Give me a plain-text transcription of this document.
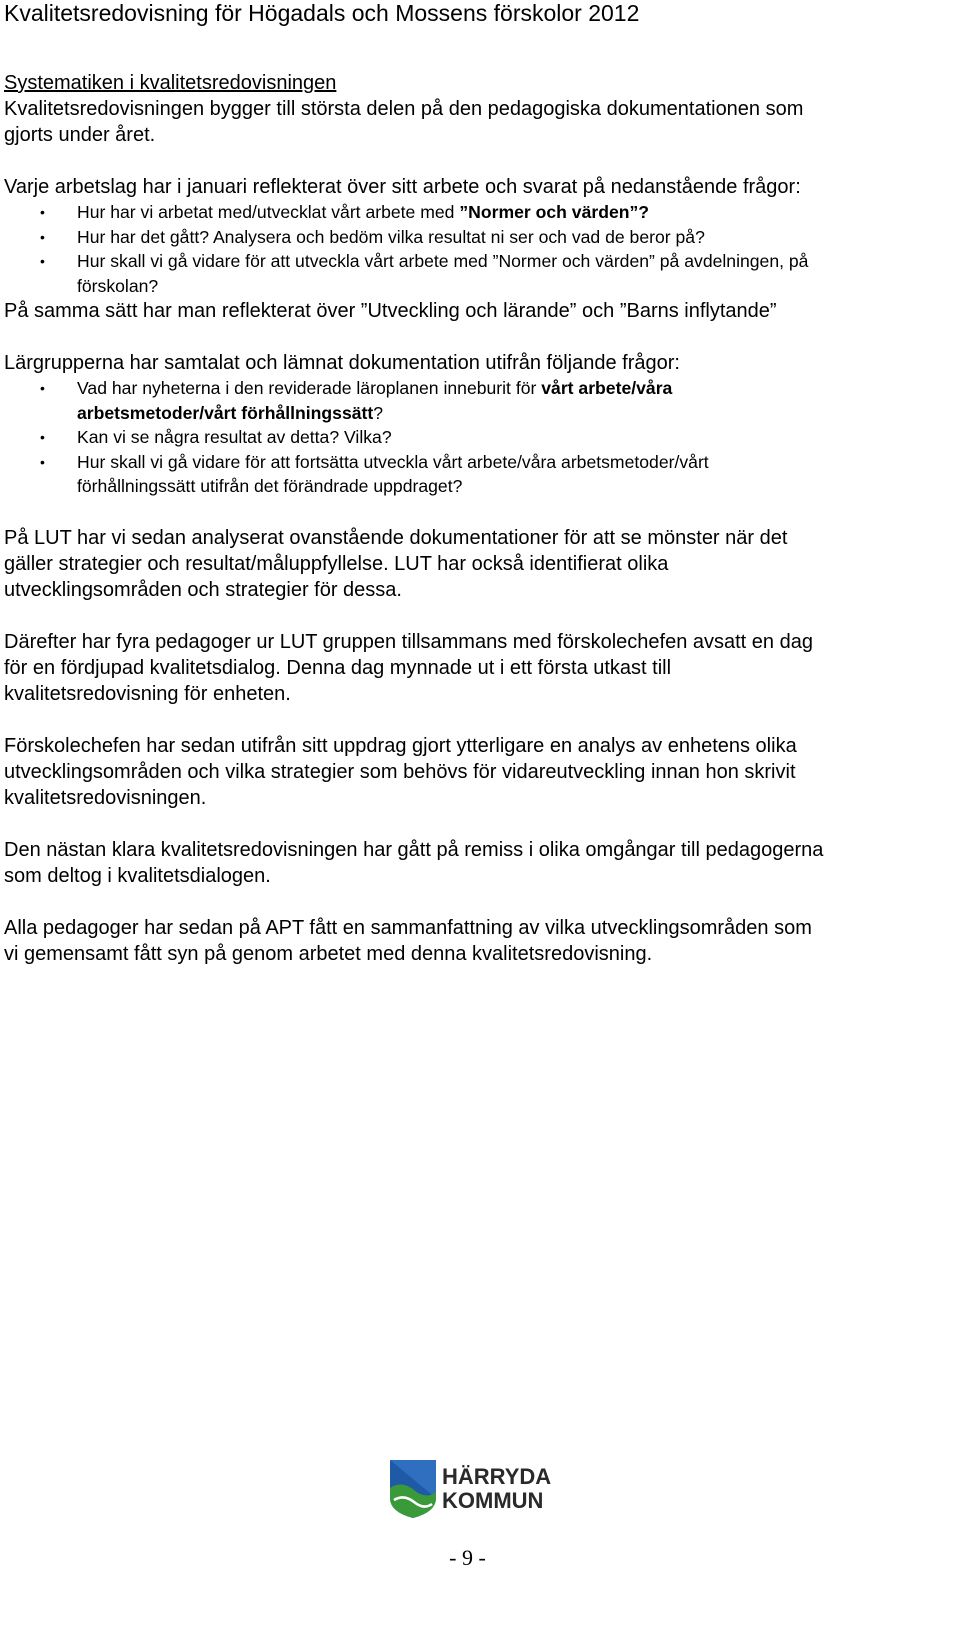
Kvalitetsredovisning för Högadals och Mossens förskolor 2012

Systematiken i kvalitetsredovisningen

Kvalitetsredovisningen bygger till största delen på den pedagogiska dokumentationen som

gjorts under året.

Varje arbetslag har i januari reflekterat över sitt arbete och svarat på nedanstående frågor:

• Hur har vi arbetat med/utvecklat vårt arbete med ”Normer och värden”?
• Hur har det gått? Analysera och bedöm vilka resultat ni ser och vad de beror på?
• Hur skall vi gå vidare för att utveckla vårt arbete med ”Normer och värden” på avdelningen, på
förskolan?

På samma sätt har man reflekterat över ”Utveckling och lärande” och ”Barns inflytande”

Lärgrupperna har samtalat och lämnat dokumentation utifrån följande frågor:

• Vad har nyheterna i den reviderade läroplanen inneburit för vårt arbete/våra
arbetsmetoder/vårt förhållningssätt?
• Kan vi se några resultat av detta? Vilka?
• Hur skall vi gå vidare för att fortsätta utveckla vårt arbete/våra arbetsmetoder/vårt
förhållningssätt utifrån det förändrade uppdraget?

På LUT har vi sedan analyserat ovanstående dokumentationer för att se mönster när det
gäller strategier och resultat/måluppfyllelse. LUT har också identifierat olika
utvecklingsområden och strategier för dessa.

Därefter har fyra pedagoger ur LUT gruppen tillsammans med förskolechefen avsatt en dag
för en fördjupad kvalitetsdialog. Denna dag mynnade ut i ett första utkast till
kvalitetsredovisning för enheten.

Förskolechefen har sedan utifrån sitt uppdrag gjort ytterligare en analys av enhetens olika
utvecklingsområden och vilka strategier som behövs för vidareutveckling innan hon skrivit
kvalitetsredovisningen.

Den nästan klara kvalitetsredovisningen har gått på remiss i olika omgångar till pedagogerna
som deltog i kvalitetsdialogen.

Alla pedagoger har sedan på APT fått en sammanfattning av vilka utvecklingsområden som
vi gemensamt fått syn på genom arbetet med denna kvalitetsredovisning.

HÄRRYDA
KOMMUN
- 9 -
